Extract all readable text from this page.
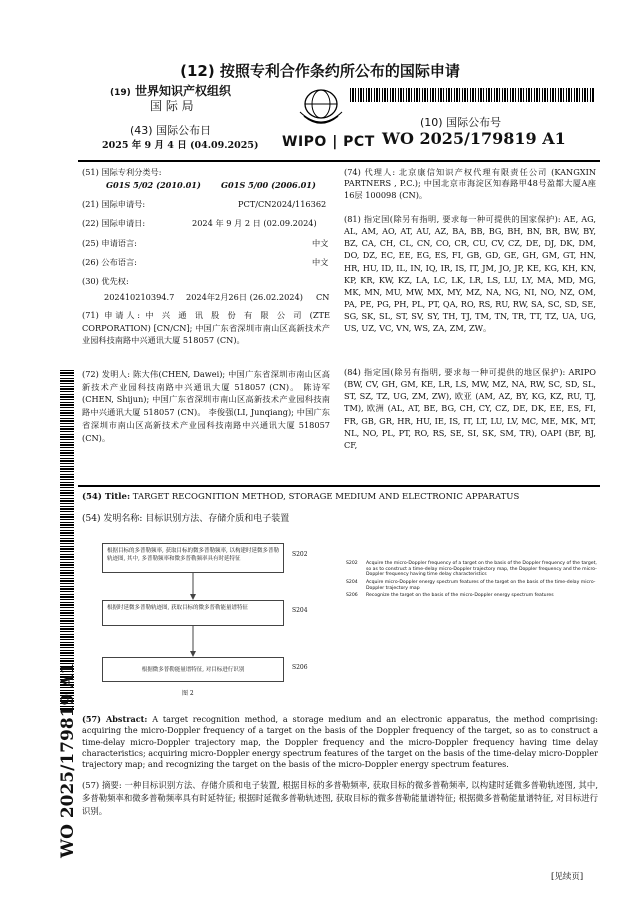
(12) 按照专利合作条约所公布的国际申请
(19) 世界知识产权组织
国 际 局
(43) 国际公布日
2025 年 9 月 4 日 (04.09.2025) WIPO | PCT
(10) 国际公布号
WO 2025/179819 A1
(51) 国际专利分类号:
G01S 5/02 (2010.01) G01S 5/00 (2006.01)
(21) 国际申请号:	PCT/CN2024/116362
(22) 国际申请日:	2024 年 9 月 2 日 (02.09.2024)
(25) 申请语言:	中文
(26) 公布语言:	中文
(30) 优先权:
202410210394.7 2024年2月26日 (26.02.2024) CN
(71) 申请人: 中 兴 通 讯 股 份 有 限 公 司 (ZTE CORPORATION) [CN/CN]; 中国广东省深圳市南山区高新技术产业园科技南路中兴通讯大厦 518057 (CN)。
(72) 发明人: 陈大伟(CHEN, Dawei); 中国广东省深圳市南山区高新技术产业园科技南路中兴通讯大厦 518057 (CN)。 陈诗军(CHEN, Shijun); 中国广东省深圳市南山区高新技术产业园科技南路中兴通讯大厦 518057 (CN)。 李俊强(LI, Junqiang); 中国广东省深圳市南山区高新技术产业园科技南路中兴通讯大厦 518057 (CN)。
(74) 代理人: 北京康信知识产权代理有限责任公司 (KANGXIN PARTNERS , P.C.); 中国北京市海淀区知春路甲48号盈都大厦A座16层 100098 (CN)。
(81) 指定国(除另有指明, 要求每一种可提供的国家保护): AE, AG, AL, AM, AO, AT, AU, AZ, BA, BB, BG, BH, BN, BR, BW, BY, BZ, CA, CH, CL, CN, CO, CR, CU, CV, CZ, DE, DJ, DK, DM, DO, DZ, EC, EE, EG, ES, FI, GB, GD, GE, GH, GM, GT, HN, HR, HU, ID, IL, IN, IQ, IR, IS, IT, JM, JO, JP, KE, KG, KH, KN, KP, KR, KW, KZ, LA, LC, LK, LR, LS, LU, LY, MA, MD, MG, MK, MN, MU, MW, MX, MY, MZ, NA, NG, NI, NO, NZ, OM, PA, PE, PG, PH, PL, PT, QA, RO, RS, RU, RW, SA, SC, SD, SE, SG, SK, SL, ST, SV, SY, TH, TJ, TM, TN, TR, TT, TZ, UA, UG, US, UZ, VC, VN, WS, ZA, ZM, ZW。
(84) 指定国(除另有指明, 要求每一种可提供的地区保护): ARIPO (BW, CV, GH, GM, KE, LR, LS, MW, MZ, NA, RW, SC, SD, SL, ST, SZ, TZ, UG, ZM, ZW), 欧亚 (AM, AZ, BY, KG, KZ, RU, TJ, TM), 欧洲 (AL, AT, BE, BG, CH, CY, CZ, DE, DK, EE, ES, FI, FR, GB, GR, HR, HU, IE, IS, IT, LT, LU, LV, MC, ME, MK, MT, NL, NO, PL, PT, RO, RS, SE, SI, SK, SM, TR), OAPI (BF, BJ, CF,
WO 2025/179819 A1
(54) Title: TARGET RECOGNITION METHOD, STORAGE MEDIUM AND ELECTRONIC APPARATUS
(54) 发明名称: 目标识别方法、存储介质和电子装置
根据目标的多普勒频率, 获取目标的微多普勒频率, 以构建时延微多普勒轨迹图, 其中, 多普勒频率和微多普勒频率具有时延特征
S202
根据时延微多普勒轨迹图, 获取目标的微多普勒能量谱特征	S204
根据微多普勒能量谱特征, 对目标进行识别	S206
图 2
S202	Acquire the micro-Doppler frequency of a target on the basis of the Doppler frequency of the target, so as to construct a time-delay micro-Doppler trajectory map, the Doppler frequency and the micro-Doppler frequency having time delay characteristics
S204	Acquire micro-Doppler energy spectrum features of the target on the basis of the time-delay micro-Doppler trajectory map
S206	Recognize the target on the basis of the micro-Doppler energy spectrum features
(57) Abstract: A target recognition method, a storage medium and an electronic apparatus, the method comprising: acquiring the micro-Doppler frequency of a target on the basis of the Doppler frequency of the target, so as to construct a time-delay micro-Doppler trajectory map, the Doppler frequency and the micro-Doppler frequency having time delay characteristics; acquiring micro-Doppler energy spectrum features of the target on the basis of the time-delay micro-Doppler trajectory map; and recognizing the target on the basis of the micro-Doppler energy spectrum features.
(57) 摘要: 一种目标识别方法、存储介质和电子装置, 根据目标的多普勒频率, 获取目标的微多普勒频率, 以构建时延微多普勒轨迹图, 其中, 多普勒频率和微多普勒频率具有时延特征; 根据时延微多普勒轨迹图, 获取目标的微多普勒能量谱特征; 根据微多普勒能量谱特征, 对目标进行识别。
[见续页]
